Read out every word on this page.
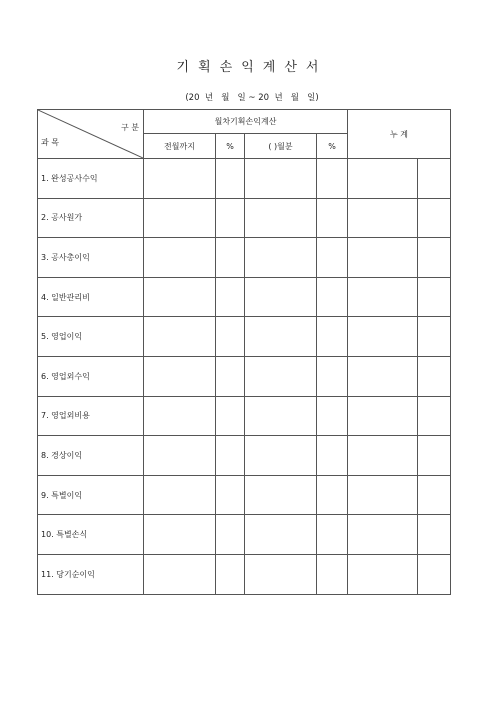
기획손익계산서
(20  년   월   일 ~ 20  년   월   일)
구 분
과 목	월차기획손익계산				누 계	
	전월까지	%	( )월분	%		
1. 완성공사수익						
2. 공사원가						
3. 공사총이익						
4. 일반관리비						
5. 영업이익						
6. 영업외수익						
7. 영업외비용						
8. 경상이익						
9. 특별이익						
10. 특별손식						
11. 당기순이익						
